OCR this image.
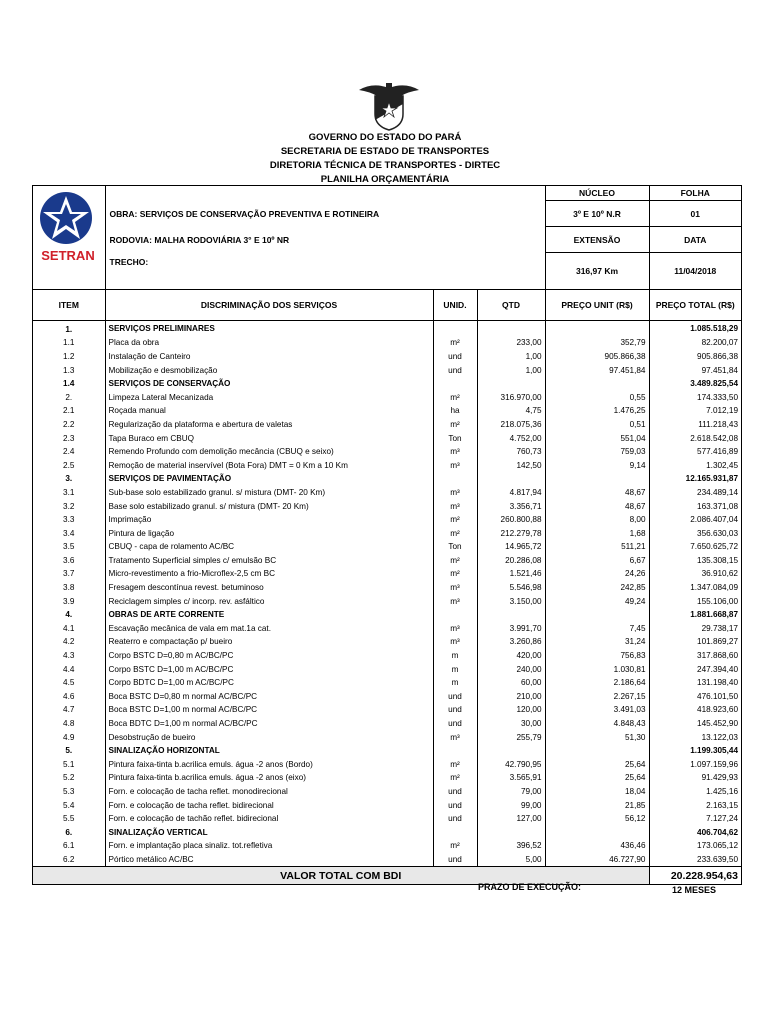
GOVERNO DO ESTADO DO PARÁ
SECRETARIA DE ESTADO DE TRANSPORTES
DIRETORIA TÉCNICA DE TRANSPORTES - DIRTEC
PLANILHA ORÇAMENTÁRIA
SETRAN		NÚCLEO	FOLHA
	OBRA: SERVIÇOS DE CONSERVAÇÃO PREVENTIVA E ROTINEIRA	3º E 10º N.R	01
	RODOVIA: MALHA RODOVIÁRIA 3° E 10º NR	EXTENSÃO	DATA
	TRECHO:	316,97 Km	11/04/2018
ITEM	DISCRIMINAÇÃO DOS SERVIÇOS	UNID.	QTD	PREÇO UNIT (R$)	PREÇO TOTAL (R$)
1.	SERVIÇOS PRELIMINARES				1.085.518,29
1.1	Placa da obra	m²	233,00	352,79	82.200,07
1.2	Instalação de Canteiro	und	1,00	905.866,38	905.866,38
1.3	Mobilização e desmobilização	und	1,00	97.451,84	97.451,84
1.4	SERVIÇOS DE CONSERVAÇÃO				3.489.825,54
2.	Limpeza Lateral Mecanizada	m²	316.970,00	0,55	174.333,50
2.1	Roçada manual	ha	4,75	1.476,25	7.012,19
2.2	Regularização da plataforma e abertura de valetas	m²	218.075,36	0,51	111.218,43
2.3	Tapa Buraco em CBUQ	Ton	4.752,00	551,04	2.618.542,08
2.4	Remendo Profundo com demolição mecância (CBUQ e seixo)	m³	760,73	759,03	577.416,89
2.5	Remoção de material inservível (Bota Fora) DMT = 0 Km a 10 Km	m³	142,50	9,14	1.302,45
3.	SERVIÇOS DE PAVIMENTAÇÃO				12.165.931,87
3.1	Sub-base solo estabilizado granul. s/ mistura (DMT- 20 Km)	m³	4.817,94	48,67	234.489,14
3.2	Base solo estabilizado granul. s/ mistura (DMT- 20 Km)	m³	3.356,71	48,67	163.371,08
3.3	Imprimação	m²	260.800,88	8,00	2.086.407,04
3.4	Pintura de ligação	m²	212.279,78	1,68	356.630,03
3.5	CBUQ - capa de rolamento AC/BC	Ton	14.965,72	511,21	7.650.625,72
3.6	Tratamento Superficial simples c/ emulsão BC	m²	20.286,08	6,67	135.308,15
3.7	Micro-revestimento a frio-Microflex-2,5 cm BC	m²	1.521,46	24,26	36.910,62
3.8	Fresagem descontínua revest. betuminoso	m³	5.546,98	242,85	1.347.084,09
3.9	Reciclagem simples c/ incorp. rev. asfáltico	m³	3.150,00	49,24	155.106,00
4.	OBRAS DE ARTE CORRENTE				1.881.668,87
4.1	Escavação mecânica de vala em mat.1a cat.	m³	3.991,70	7,45	29.738,17
4.2	Reaterro e compactação p/ bueiro	m³	3.260,86	31,24	101.869,27
4.3	Corpo BSTC D=0,80 m AC/BC/PC	m	420,00	756,83	317.868,60
4.4	Corpo BSTC D=1,00 m AC/BC/PC	m	240,00	1.030,81	247.394,40
4.5	Corpo BDTC D=1,00 m AC/BC/PC	m	60,00	2.186,64	131.198,40
4.6	Boca BSTC D=0,80 m normal AC/BC/PC	und	210,00	2.267,15	476.101,50
4.7	Boca BSTC D=1,00 m normal AC/BC/PC	und	120,00	3.491,03	418.923,60
4.8	Boca BDTC D=1,00 m normal AC/BC/PC	und	30,00	4.848,43	145.452,90
4.9	Desobstrução de bueiro	m³	255,79	51,30	13.122,03
5.	SINALIZAÇÃO HORIZONTAL				1.199.305,44
5.1	Pintura faixa-tinta b.acrilica emuls. água -2 anos (Bordo)	m²	42.790,95	25,64	1.097.159,96
5.2	Pintura faixa-tinta b.acrilica emuls. água -2 anos (eixo)	m²	3.565,91	25,64	91.429,93
5.3	Forn. e colocação de tacha reflet. monodirecional	und	79,00	18,04	1.425,16
5.4	Forn. e colocação de tacha reflet. bidirecional	und	99,00	21,85	2.163,15
5.5	Forn. e colocação de tachão reflet. bidirecional	und	127,00	56,12	7.127,24
6.	SINALIZAÇÃO VERTICAL				406.704,62
6.1	Forn. e implantação placa sinaliz. tot.refletiva	m²	396,52	436,46	173.065,12
6.2	Pórtico metálico AC/BC	und	5,00	46.727,90	233.639,50
VALOR TOTAL COM BDI	20.228.954,63
PRAZO DE EXECUÇÃO:	12 MESES
